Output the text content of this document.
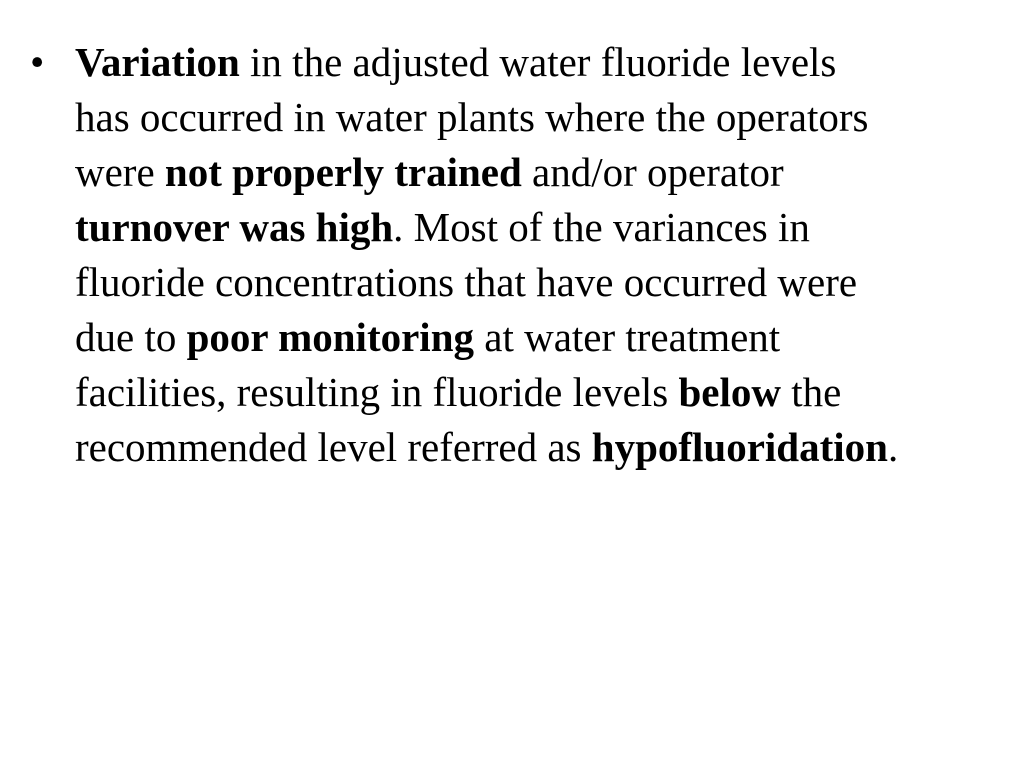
• Variation in the adjusted water fluoride levels
has occurred in water plants where the operators
were not properly trained and/or operator
turnover was high. Most of the variances in
fluoride concentrations that have occurred were
due to poor monitoring at water treatment
facilities, resulting in fluoride levels below the
recommended level referred as hypofluoridation.
